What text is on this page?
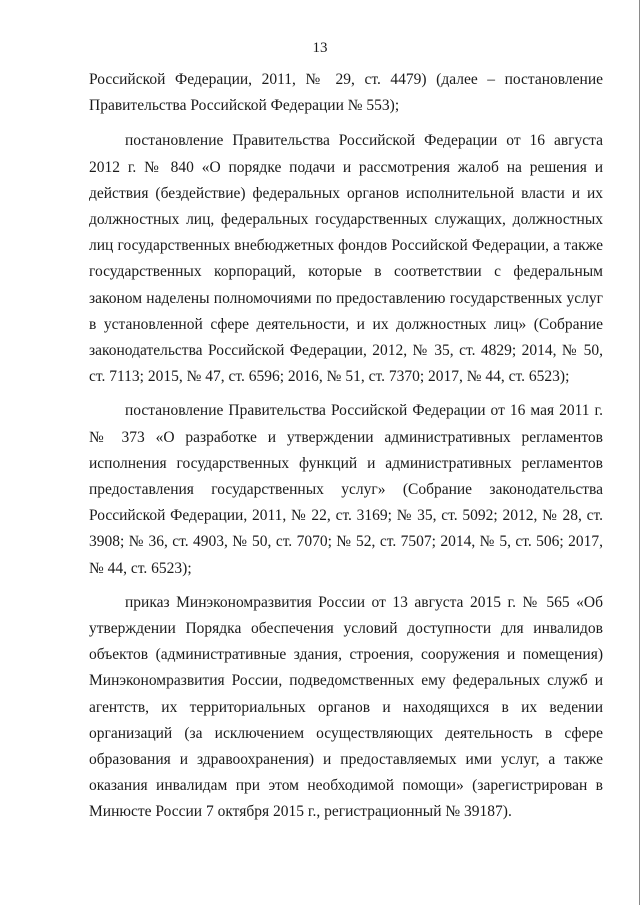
13

Российской Федерации, 2011, № 29, ст. 4479) (далее – постановление Правительства Российской Федерации № 553);

постановление Правительства Российской Федерации от 16 августа 2012 г. № 840 «О порядке подачи и рассмотрения жалоб на решения и действия (бездействие) федеральных органов исполнительной власти и их должностных лиц, федеральных государственных служащих, должностных лиц государственных внебюджетных фондов Российской Федерации, а также государственных корпораций, которые в соответствии с федеральным законом наделены полномочиями по предоставлению государственных услуг в установленной сфере деятельности, и их должностных лиц» (Собрание законодательства Российской Федерации, 2012, № 35, ст. 4829; 2014, № 50, ст. 7113; 2015, № 47, ст. 6596; 2016, № 51, ст. 7370; 2017, № 44, ст. 6523);

постановление Правительства Российской Федерации от 16 мая 2011 г. № 373 «О разработке и утверждении административных регламентов исполнения государственных функций и административных регламентов предоставления государственных услуг» (Собрание законодательства Российской Федерации, 2011, № 22, ст. 3169; № 35, ст. 5092; 2012, № 28, ст. 3908; № 36, ст. 4903, № 50, ст. 7070; № 52, ст. 7507; 2014, № 5, ст. 506; 2017, № 44, ст. 6523);

приказ Минэкономразвития России от 13 августа 2015 г. № 565 «Об утверждении Порядка обеспечения условий доступности для инвалидов объектов (административные здания, строения, сооружения и помещения) Минэкономразвития России, подведомственных ему федеральных служб и агентств, их территориальных органов и находящихся в их ведении организаций (за исключением осуществляющих деятельность в сфере образования и здравоохранения) и предоставляемых ими услуг, а также оказания инвалидам при этом необходимой помощи» (зарегистрирован в Минюсте России 7 октября 2015 г., регистрационный № 39187).
